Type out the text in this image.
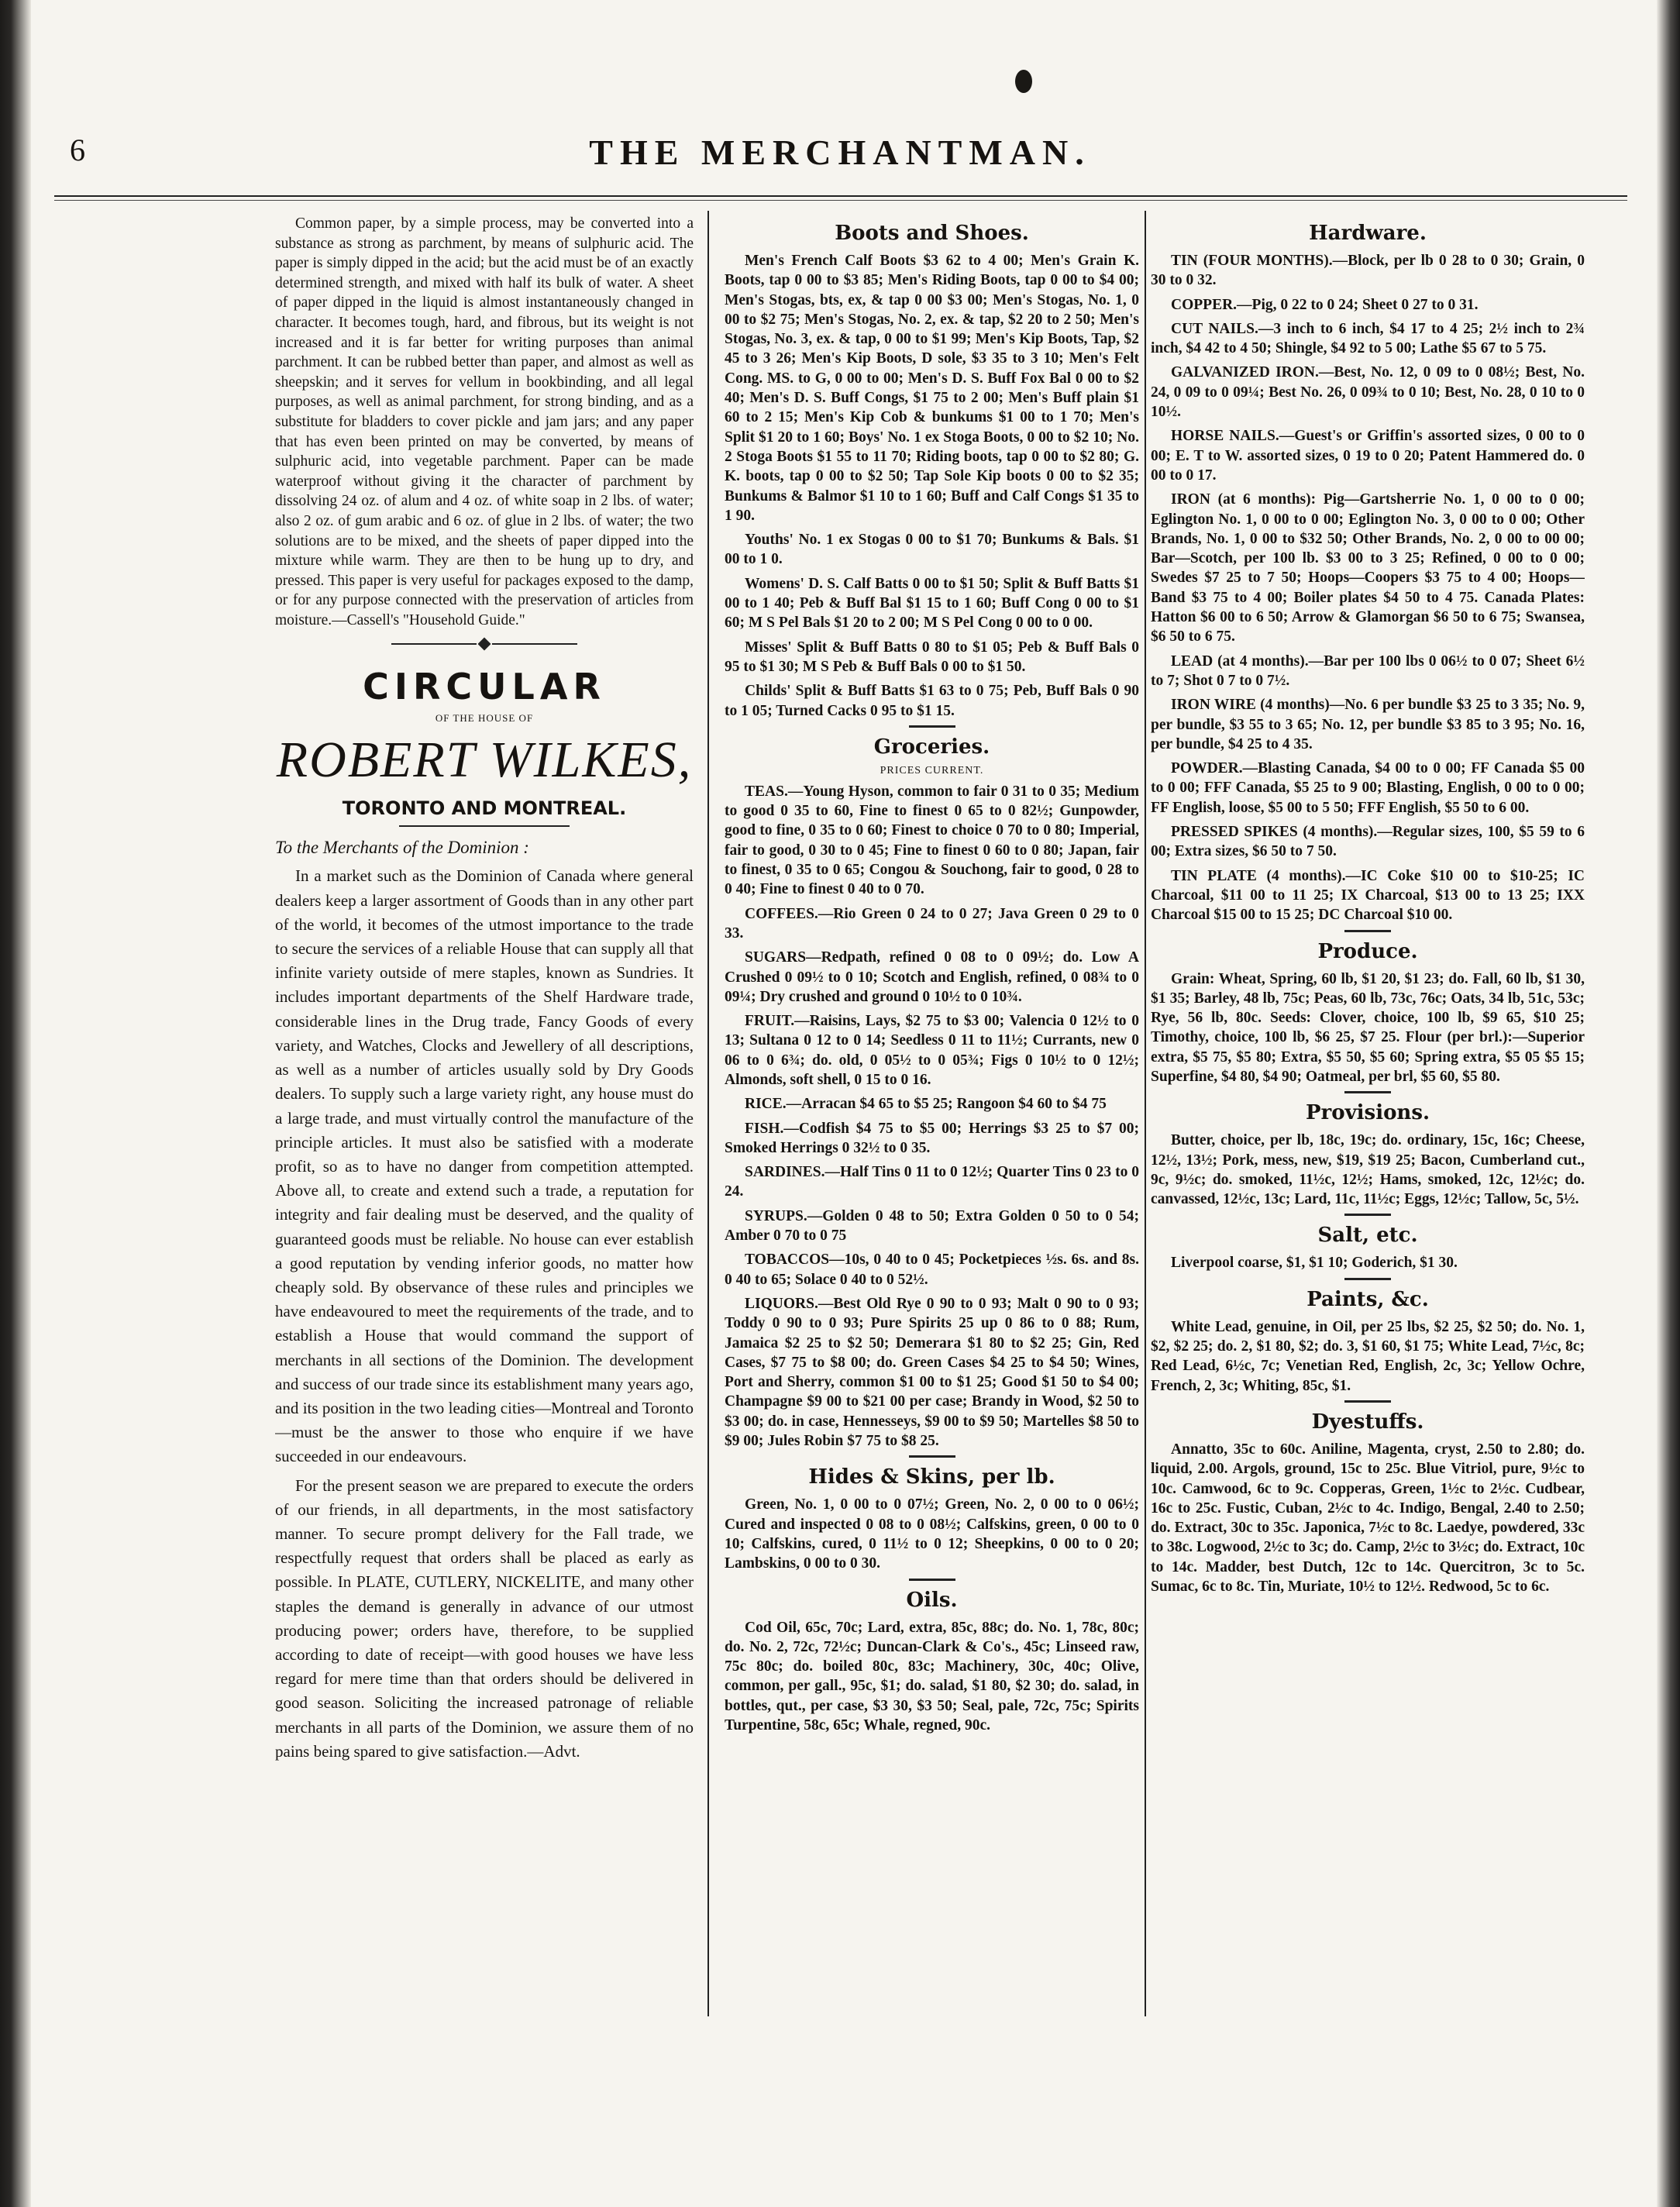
THE MERCHANTMAN.
6

Common paper, by a simple process, may be converted into a substance as strong as parchment, by means of sulphuric acid. The paper is simply dipped in the acid; but the acid must be of an exactly determined strength, and mixed with half its bulk of water. A sheet of paper dipped in the liquid is almost instantaneously changed in character. It becomes tough, hard, and fibrous, but its weight is not increased and it is far better for writing purposes than animal parchment. It can be rubbed better than paper, and almost as well as sheepskin; and it serves for vellum in bookbinding, and all legal purposes, as well as animal parchment, for strong binding, and as a substitute for bladders to cover pickle and jam jars; and any paper that has even been printed on may be converted, by means of sulphuric acid, into vegetable parchment. Paper can be made waterproof without giving it the character of parchment by dissolving 24 oz. of alum and 4 oz. of white soap in 2 lbs. of water; also 2 oz. of gum arabic and 6 oz. of glue in 2 lbs. of water; the two solutions are to be mixed, and the sheets of paper dipped into the mixture while warm. They are then to be hung up to dry, and pressed. This paper is very useful for packages exposed to the damp, or for any purpose connected with the preservation of articles from moisture.—Cassell's "Household Guide."

CIRCULAR
OF THE HOUSE OF
ROBERT WILKES,
TORONTO AND MONTREAL.
To the Merchants of the Dominion :

In a market such as the Dominion of Canada where general dealers keep a larger assortment of Goods than in any other part of the world, it becomes of the utmost importance to the trade to secure the services of a reliable House that can supply all that infinite variety outside of mere staples, known as Sundries. It includes important departments of the Shelf Hardware trade, considerable lines in the Drug trade, Fancy Goods of every variety, and Watches, Clocks and Jewellery of all descriptions, as well as a number of articles usually sold by Dry Goods dealers. To supply such a large variety right, any house must do a large trade, and must virtually control the manufacture of the principle articles. It must also be satisfied with a moderate profit, so as to have no danger from competition attempted. Above all, to create and extend such a trade, a reputation for integrity and fair dealing must be deserved, and the quality of guaranteed goods must be reliable. No house can ever establish a good reputation by vending inferior goods, no matter how cheaply sold. By observance of these rules and principles we have endeavoured to meet the requirements of the trade, and to establish a House that would command the support of merchants in all sections of the Dominion. The development and success of our trade since its establishment many years ago, and its position in the two leading cities—Montreal and Toronto—must be the answer to those who enquire if we have succeeded in our endeavours.

For the present season we are prepared to execute the orders of our friends, in all departments, in the most satisfactory manner. To secure prompt delivery for the Fall trade, we respectfully request that orders shall be placed as early as possible. In PLATE, CUTLERY, NICKELITE, and many other staples the demand is generally in advance of our utmost producing power; orders have, therefore, to be supplied according to date of receipt—with good houses we have less regard for mere time than that orders should be delivered in good season. Soliciting the increased patronage of reliable merchants in all parts of the Dominion, we assure them of no pains being spared to give satisfaction.—Advt.

Boots and Shoes.

Men's French Calf Boots $3 62 to 4 00; Men's Grain K. Boots, tap 0 00 to $3 85; Men's Riding Boots, tap 0 00 to $4 00; Men's Stogas, bts, ex, & tap 0 00 $3 00; Men's Stogas, No. 1, 0 00 to $2 75; Men's Stogas, No. 2, ex. & tap, $2 20 to 2 50; Men's Stogas, No. 3, ex. & tap, 0 00 to $1 99; Men's Kip Boots, Tap, $2 45 to 3 26; Men's Kip Boots, D sole, $3 35 to 3 10; Men's Felt Cong. MS. to G, 0 00 to 00; Men's D. S. Buff Fox Bal 0 00 to $2 40; Men's D. S. Buff Congs, $1 75 to 2 00; Men's Buff plain $1 60 to 2 15; Men's Kip Cob & bunkums $1 00 to 1 70; Men's Split $1 20 to 1 60; Boys' No. 1 ex Stoga Boots, 0 00 to $2 10; No. 2 Stoga Boots $1 55 to 11 70; Riding boots, tap 0 00 to $2 80; G. K. boots, tap 0 00 to $2 50; Tap Sole Kip boots 0 00 to $2 35; Bunkums & Balmor $1 10 to 1 60; Buff and Calf Congs $1 35 to 1 90.

Youths' No. 1 ex Stogas 0 00 to $1 70; Bunkums & Bals. $1 00 to 1 0.

Womens' D. S. Calf Batts 0 00 to $1 50; Split & Buff Batts $1 00 to 1 40; Peb & Buff Bal $1 15 to 1 60; Buff Cong 0 00 to $1 60; M S Pel Bals $1 20 to 2 00; M S Pel Cong 0 00 to 0 00.

Misses' Split & Buff Batts 0 80 to $1 05; Peb & Buff Bals 0 95 to $1 30; M S Peb & Buff Bals 0 00 to $1 50.

Childs' Split & Buff Batts $1 63 to 0 75; Peb, Buff Bals 0 90 to 1 05; Turned Cacks 0 95 to $1 15.

Groceries.
PRICES CURRENT.

TEAS.—Young Hyson, common to fair 0 31 to 0 35; Medium to good 0 35 to 60, Fine to finest 0 65 to 0 82½; Gunpowder, good to fine, 0 35 to 0 60; Finest to choice 0 70 to 0 80; Imperial, fair to good, 0 30 to 0 45; Fine to finest 0 60 to 0 80; Japan, fair to finest, 0 35 to 0 65; Congou & Souchong, fair to good, 0 28 to 0 40; Fine to finest 0 40 to 0 70.

COFFEES.—Rio Green 0 24 to 0 27; Java Green 0 29 to 0 33.

SUGARS—Redpath, refined 0 08 to 0 09½; do. Low A Crushed 0 09½ to 0 10; Scotch and English, refined, 0 08¾ to 0 09¼; Dry crushed and ground 0 10½ to 0 10¾.

FRUIT.—Raisins, Lays, $2 75 to $3 00; Valencia 0 12½ to 0 13; Sultana 0 12 to 0 14; Seedless 0 11 to 11½; Currants, new 0 06 to 0 6¾; do. old, 0 05½ to 0 05¾; Figs 0 10½ to 0 12½; Almonds, soft shell, 0 15 to 0 16.

RICE.—Arracan $4 65 to $5 25; Rangoon $4 60 to $4 75

FISH.—Codfish $4 75 to $5 00; Herrings $3 25 to $7 00; Smoked Herrings 0 32½ to 0 35.

SARDINES.—Half Tins 0 11 to 0 12½; Quarter Tins 0 23 to 0 24.

SYRUPS.—Golden 0 48 to 50; Extra Golden 0 50 to 0 54; Amber 0 70 to 0 75

TOBACCOS—10s, 0 40 to 0 45; Pocketpieces ½s. 6s. and 8s. 0 40 to 65; Solace 0 40 to 0 52½.

LIQUORS.—Best Old Rye 0 90 to 0 93; Malt 0 90 to 0 93; Toddy 0 90 to 0 93; Pure Spirits 25 up 0 86 to 0 88; Rum, Jamaica $2 25 to $2 50; Demerara $1 80 to $2 25; Gin, Red Cases, $7 75 to $8 00; do. Green Cases $4 25 to $4 50; Wines, Port and Sherry, common $1 00 to $1 25; Good $1 50 to $4 00; Champagne $9 00 to $21 00 per case; Brandy in Wood, $2 50 to $3 00; do. in case, Hennesseys, $9 00 to $9 50; Martelles $8 50 to $9 00; Jules Robin $7 75 to $8 25.

Hides & Skins, per lb.

Green, No. 1, 0 00 to 0 07½; Green, No. 2, 0 00 to 0 06½; Cured and inspected 0 08 to 0 08½; Calfskins, green, 0 00 to 0 10; Calfskins, cured, 0 11½ to 0 12; Sheepkins, 0 00 to 0 20; Lambskins, 0 00 to 0 30.

Oils.

Cod Oil, 65c, 70c; Lard, extra, 85c, 88c; do. No. 1, 78c, 80c; do. No. 2, 72c, 72½c; Duncan-Clark & Co's., 45c; Linseed raw, 75c 80c; do. boiled 80c, 83c; Machinery, 30c, 40c; Olive, common, per gall., 95c, $1; do. salad, $1 80, $2 30; do. salad, in bottles, qut., per case, $3 30, $3 50; Seal, pale, 72c, 75c; Spirits Turpentine, 58c, 65c; Whale, regned, 90c.

Hardware.

TIN (FOUR MONTHS).—Block, per lb 0 28 to 0 30; Grain, 0 30 to 0 32.

COPPER.—Pig, 0 22 to 0 24; Sheet 0 27 to 0 31.

CUT NAILS.—3 inch to 6 inch, $4 17 to 4 25; 2½ inch to 2¾ inch, $4 42 to 4 50; Shingle, $4 92 to 5 00; Lathe $5 67 to 5 75.

GALVANIZED IRON.—Best, No. 12, 0 09 to 0 08½; Best, No. 24, 0 09 to 0 09¼; Best No. 26, 0 09¾ to 0 10; Best, No. 28, 0 10 to 0 10½.

HORSE NAILS.—Guest's or Griffin's assorted sizes, 0 00 to 0 00; E. T to W. assorted sizes, 0 19 to 0 20; Patent Hammered do. 0 00 to 0 17.

IRON (at 6 months): Pig—Gartsherrie No. 1, 0 00 to 0 00; Eglington No. 1, 0 00 to 0 00; Eglington No. 3, 0 00 to 0 00; Other Brands, No. 1, 0 00 to $32 50; Other Brands, No. 2, 0 00 to 00 00; Bar—Scotch, per 100 lb. $3 00 to 3 25; Refined, 0 00 to 0 00; Swedes $7 25 to 7 50; Hoops—Coopers $3 75 to 4 00; Hoops—Band $3 75 to 4 00; Boiler plates $4 50 to 4 75. Canada Plates: Hatton $6 00 to 6 50; Arrow & Glamorgan $6 50 to 6 75; Swansea, $6 50 to 6 75.

LEAD (at 4 months).—Bar per 100 lbs 0 06½ to 0 07; Sheet 6½ to 7; Shot 0 7 to 0 7½.

IRON WIRE (4 months)—No. 6 per bundle $3 25 to 3 35; No. 9, per bundle, $3 55 to 3 65; No. 12, per bundle $3 85 to 3 95; No. 16, per bundle, $4 25 to 4 35.

POWDER.—Blasting Canada, $4 00 to 0 00; FF Canada $5 00 to 0 00; FFF Canada, $5 25 to 9 00; Blasting, English, 0 00 to 0 00; FF English, loose, $5 00 to 5 50; FFF English, $5 50 to 6 00.

PRESSED SPIKES (4 months).—Regular sizes, 100, $5 59 to 6 00; Extra sizes, $6 50 to 7 50.

TIN PLATE (4 months).—IC Coke $10 00 to $10-25; IC Charcoal, $11 00 to 11 25; IX Charcoal, $13 00 to 13 25; IXX Charcoal $15 00 to 15 25; DC Charcoal $10 00.

Produce.

Grain: Wheat, Spring, 60 lb, $1 20, $1 23; do. Fall, 60 lb, $1 30, $1 35; Barley, 48 lb, 75c; Peas, 60 lb, 73c, 76c; Oats, 34 lb, 51c, 53c; Rye, 56 lb, 80c. Seeds: Clover, choice, 100 lb, $9 65, $10 25; Timothy, choice, 100 lb, $6 25, $7 25. Flour (per brl.):—Superior extra, $5 75, $5 80; Extra, $5 50, $5 60; Spring extra, $5 05 $5 15; Superfine, $4 80, $4 90; Oatmeal, per brl, $5 60, $5 80.

Provisions.

Butter, choice, per lb, 18c, 19c; do. ordinary, 15c, 16c; Cheese, 12½, 13½; Pork, mess, new, $19, $19 25; Bacon, Cumberland cut., 9c, 9½c; do. smoked, 11½c, 12½; Hams, smoked, 12c, 12½c; do. canvassed, 12½c, 13c; Lard, 11c, 11½c; Eggs, 12½c; Tallow, 5c, 5½.

Salt, etc.

Liverpool coarse, $1, $1 10; Goderich, $1 30.

Paints, &c.

White Lead, genuine, in Oil, per 25 lbs, $2 25, $2 50; do. No. 1, $2, $2 25; do. 2, $1 80, $2; do. 3, $1 60, $1 75; White Lead, 7½c, 8c; Red Lead, 6½c, 7c; Venetian Red, English, 2c, 3c; Yellow Ochre, French, 2, 3c; Whiting, 85c, $1.

Dyestuffs.

Annatto, 35c to 60c. Aniline, Magenta, cryst, 2.50 to 2.80; do. liquid, 2.00. Argols, ground, 15c to 25c. Blue Vitriol, pure, 9½c to 10c. Camwood, 6c to 9c. Copperas, Green, 1½c to 2½c. Cudbear, 16c to 25c. Fustic, Cuban, 2½c to 4c. Indigo, Bengal, 2.40 to 2.50; do. Extract, 30c to 35c. Japonica, 7½c to 8c. Laedye, powdered, 33c to 38c. Logwood, 2½c to 3c; do. Camp, 2½c to 3½c; do. Extract, 10c to 14c. Madder, best Dutch, 12c to 14c. Quercitron, 3c to 5c. Sumac, 6c to 8c. Tin, Muriate, 10½ to 12½. Redwood, 5c to 6c.
